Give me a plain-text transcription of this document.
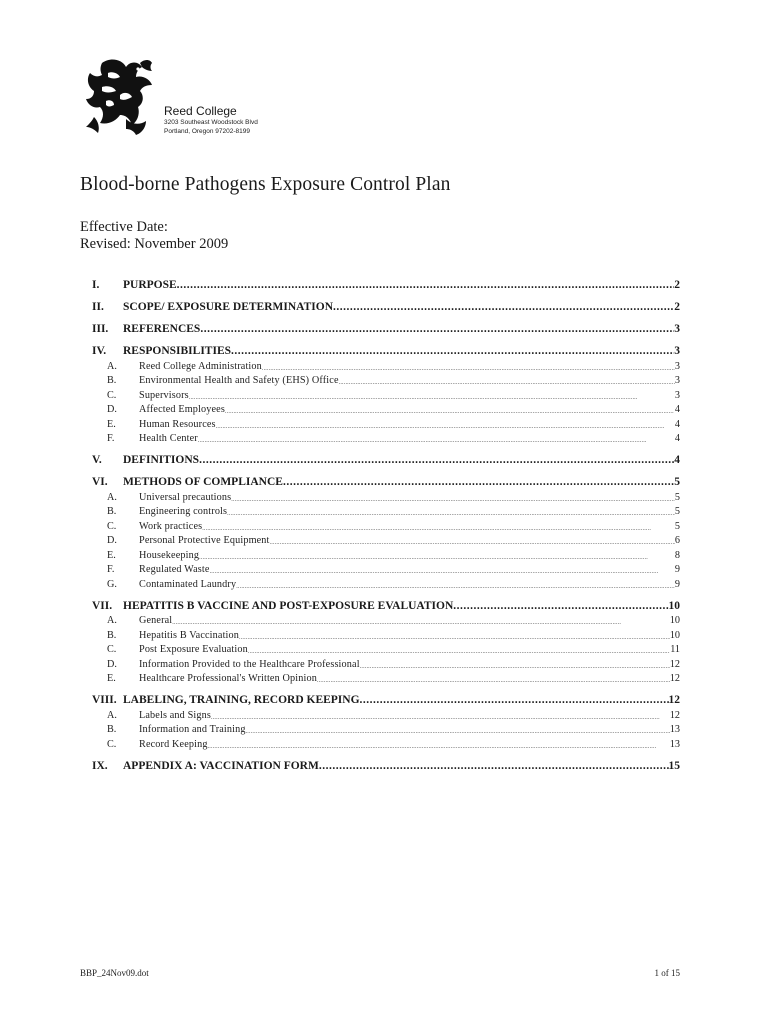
Reed College
3203 Southeast Woodstock Blvd
Portland, Oregon 97202-8199
Blood-borne Pathogens Exposure Control Plan
Effective Date:
Revised: November 2009
I.	PURPOSE .....	2
II.	SCOPE/ EXPOSURE DETERMINATION .....	2
III.	REFERENCES .....	3
IV.	RESPONSIBILITIES .....	3
A.	Reed College Administration .....	3
B.	Environmental Health and Safety (EHS) Office .....	3
C.	Supervisors .....	3
D.	Affected Employees .....	4
E.	Human Resources .....	4
F.	Health Center .....	4
V.	DEFINITIONS .....	4
VI.	METHODS OF COMPLIANCE .....	5
A.	Universal precautions .....	5
B.	Engineering controls .....	5
C.	Work practices .....	5
D.	Personal Protective Equipment .....	6
E.	Housekeeping .....	8
F.	Regulated Waste .....	9
G.	Contaminated Laundry .....	9
VII. HEPATITIS B VACCINE AND POST-EXPOSURE EVALUATION .....	10
A.	General .....	10
B.	Hepatitis B Vaccination .....	10
C.	Post Exposure Evaluation .....	11
D.	Information Provided to the Healthcare Professional .....	12
E.	Healthcare Professional's Written Opinion .....	12
VIII. LABELING, TRAINING, RECORD KEEPING .....	12
A.	Labels and Signs .....	12
B.	Information and Training .....	13
C.	Record Keeping .....	13
IX.	APPENDIX A: VACCINATION FORM .....	15
BBP_24Nov09.dot	1 of 15
